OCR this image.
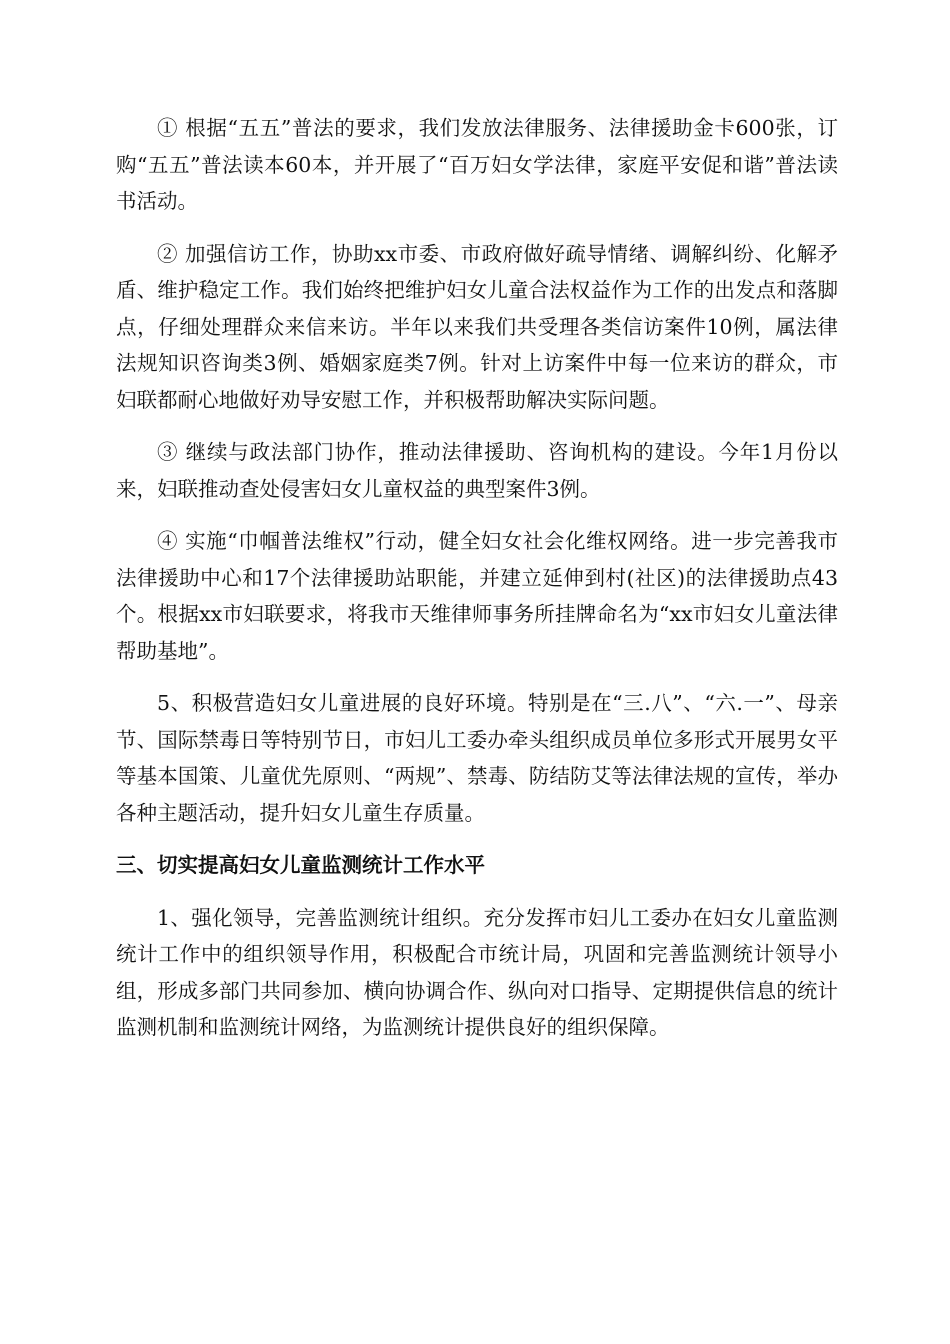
① 根据“五五”普法的要求，我们发放法律服务、法律援助金卡600张，订购“五五”普法读本60本，并开展了“百万妇女学法律，家庭平安促和谐”普法读书活动。

② 加强信访工作，协助xx市委、市政府做好疏导情绪、调解纠纷、化解矛盾、维护稳定工作。我们始终把维护妇女儿童合法权益作为工作的出发点和落脚点，仔细处理群众来信来访。半年以来我们共受理各类信访案件10例，属法律法规知识咨询类3例、婚姻家庭类7例。针对上访案件中每一位来访的群众，市妇联都耐心地做好劝导安慰工作，并积极帮助解决实际问题。

③ 继续与政法部门协作，推动法律援助、咨询机构的建设。今年1月份以来，妇联推动查处侵害妇女儿童权益的典型案件3例。

④ 实施“巾帼普法维权”行动，健全妇女社会化维权网络。进一步完善我市法律援助中心和17个法律援助站职能，并建立延伸到村(社区)的法律援助点43个。根据xx市妇联要求，将我市天维律师事务所挂牌命名为“xx市妇女儿童法律帮助基地”。

5、积极营造妇女儿童进展的良好环境。特别是在“三.八”、“六.一”、母亲节、国际禁毒日等特别节日，市妇儿工委办牵头组织成员单位多形式开展男女平等基本国策、儿童优先原则、“两规”、禁毒、防结防艾等法律法规的宣传，举办各种主题活动，提升妇女儿童生存质量。

三、切实提高妇女儿童监测统计工作水平

1、强化领导，完善监测统计组织。充分发挥市妇儿工委办在妇女儿童监测统计工作中的组织领导作用，积极配合市统计局，巩固和完善监测统计领导小组，形成多部门共同参加、横向协调合作、纵向对口指导、定期提供信息的统计监测机制和监测统计网络，为监测统计提供良好的组织保障。
